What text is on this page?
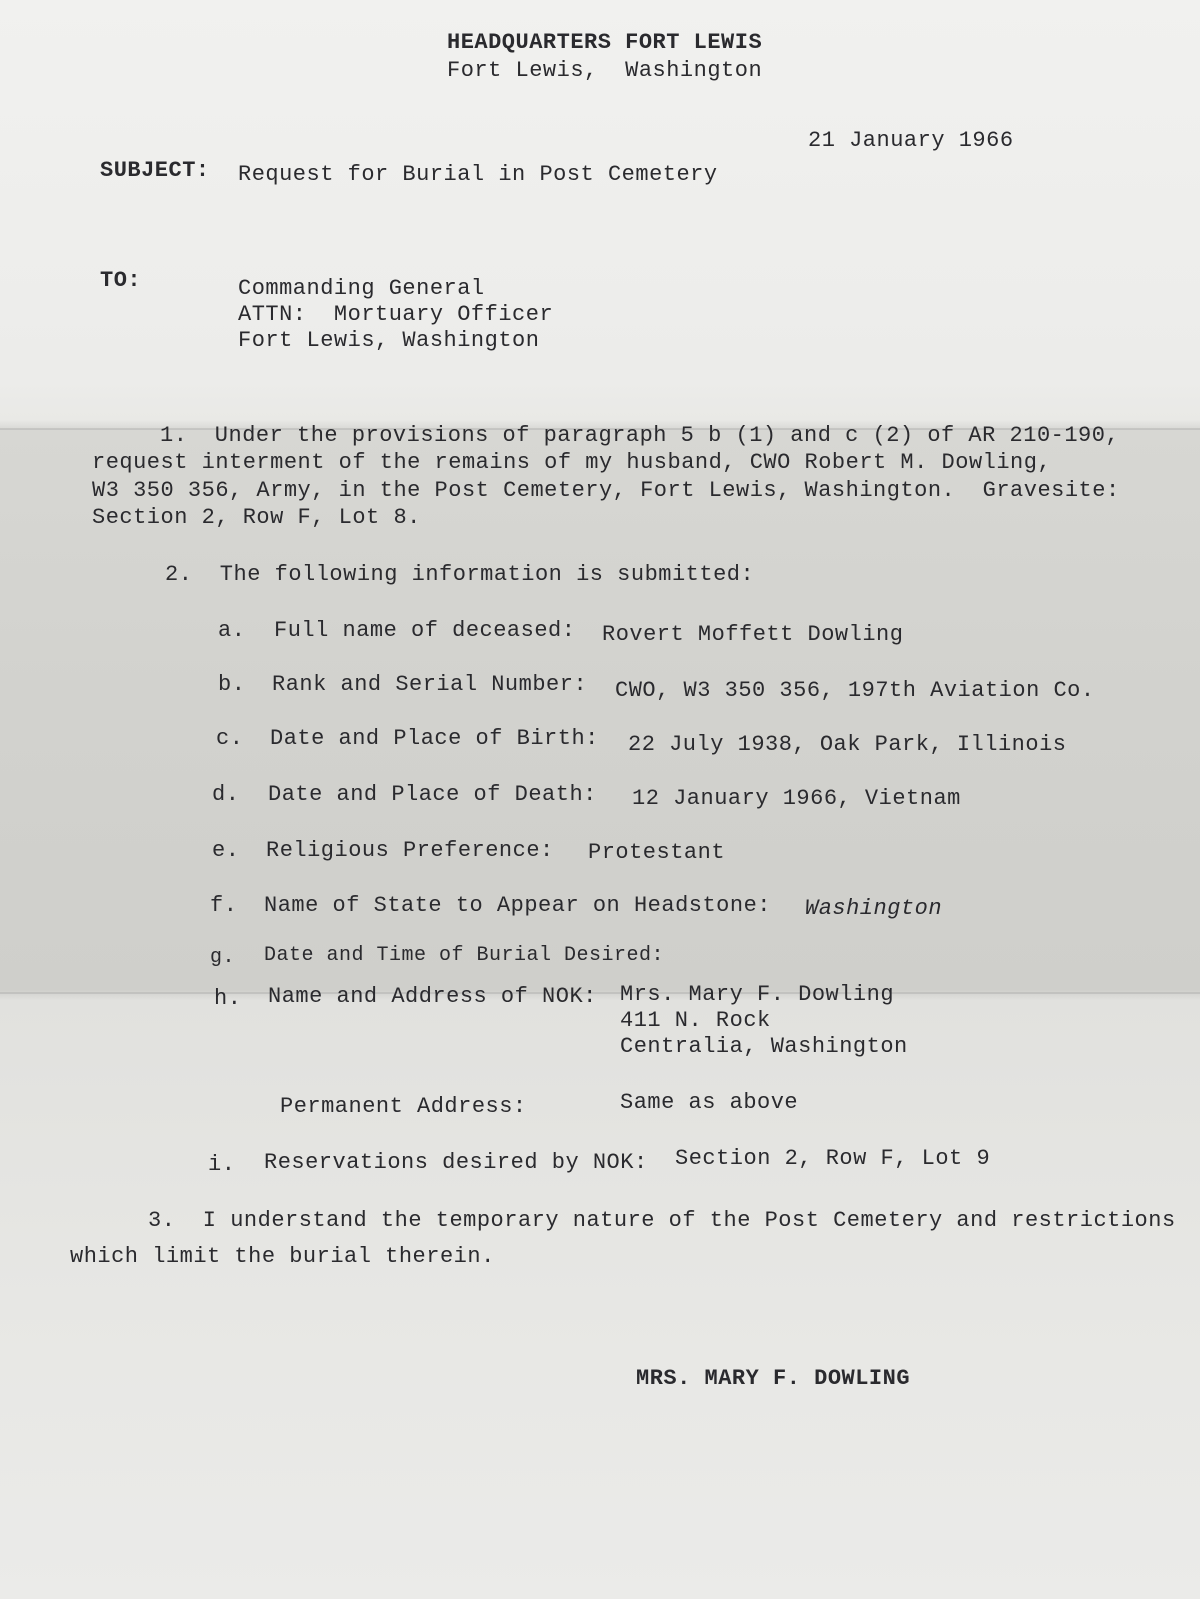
HEADQUARTERS FORT LEWIS
Fort Lewis,  Washington
21 January 1966
SUBJECT: Request for Burial in Post Cemetery
TO:	Commanding General
ATTN:  Mortuary Officer
Fort Lewis, Washington
1.  Under the provisions of paragraph 5 b (1) and c (2) of AR 210-190,
request interment of the remains of my husband, CWO Robert M. Dowling,
W3 350 356, Army, in the Post Cemetery, Fort Lewis, Washington.  Gravesite:
Section 2, Row F, Lot 8.
2.  The following information is submitted:
a. Full name of deceased: Rovert Moffett Dowling
b. Rank and Serial Number: CWO, W3 350 356, 197th Aviation Co.
c. Date and Place of Birth: 22 July 1938, Oak Park, Illinois
d. Date and Place of Death: 12 January 1966, Vietnam
e. Religious Preference: Protestant
f. Name of State to Appear on Headstone: Washington
g. Date and Time of Burial Desired:
h. Name and Address of NOK: Mrs. Mary F. Dowling
411 N. Rock
Centralia, Washington
Permanent Address:	Same as above
i. Reservations desired by NOK: Section 2, Row F, Lot 9
3.  I understand the temporary nature of the Post Cemetery and restrictions
which limit the burial therein.
MRS. MARY F. DOWLING
